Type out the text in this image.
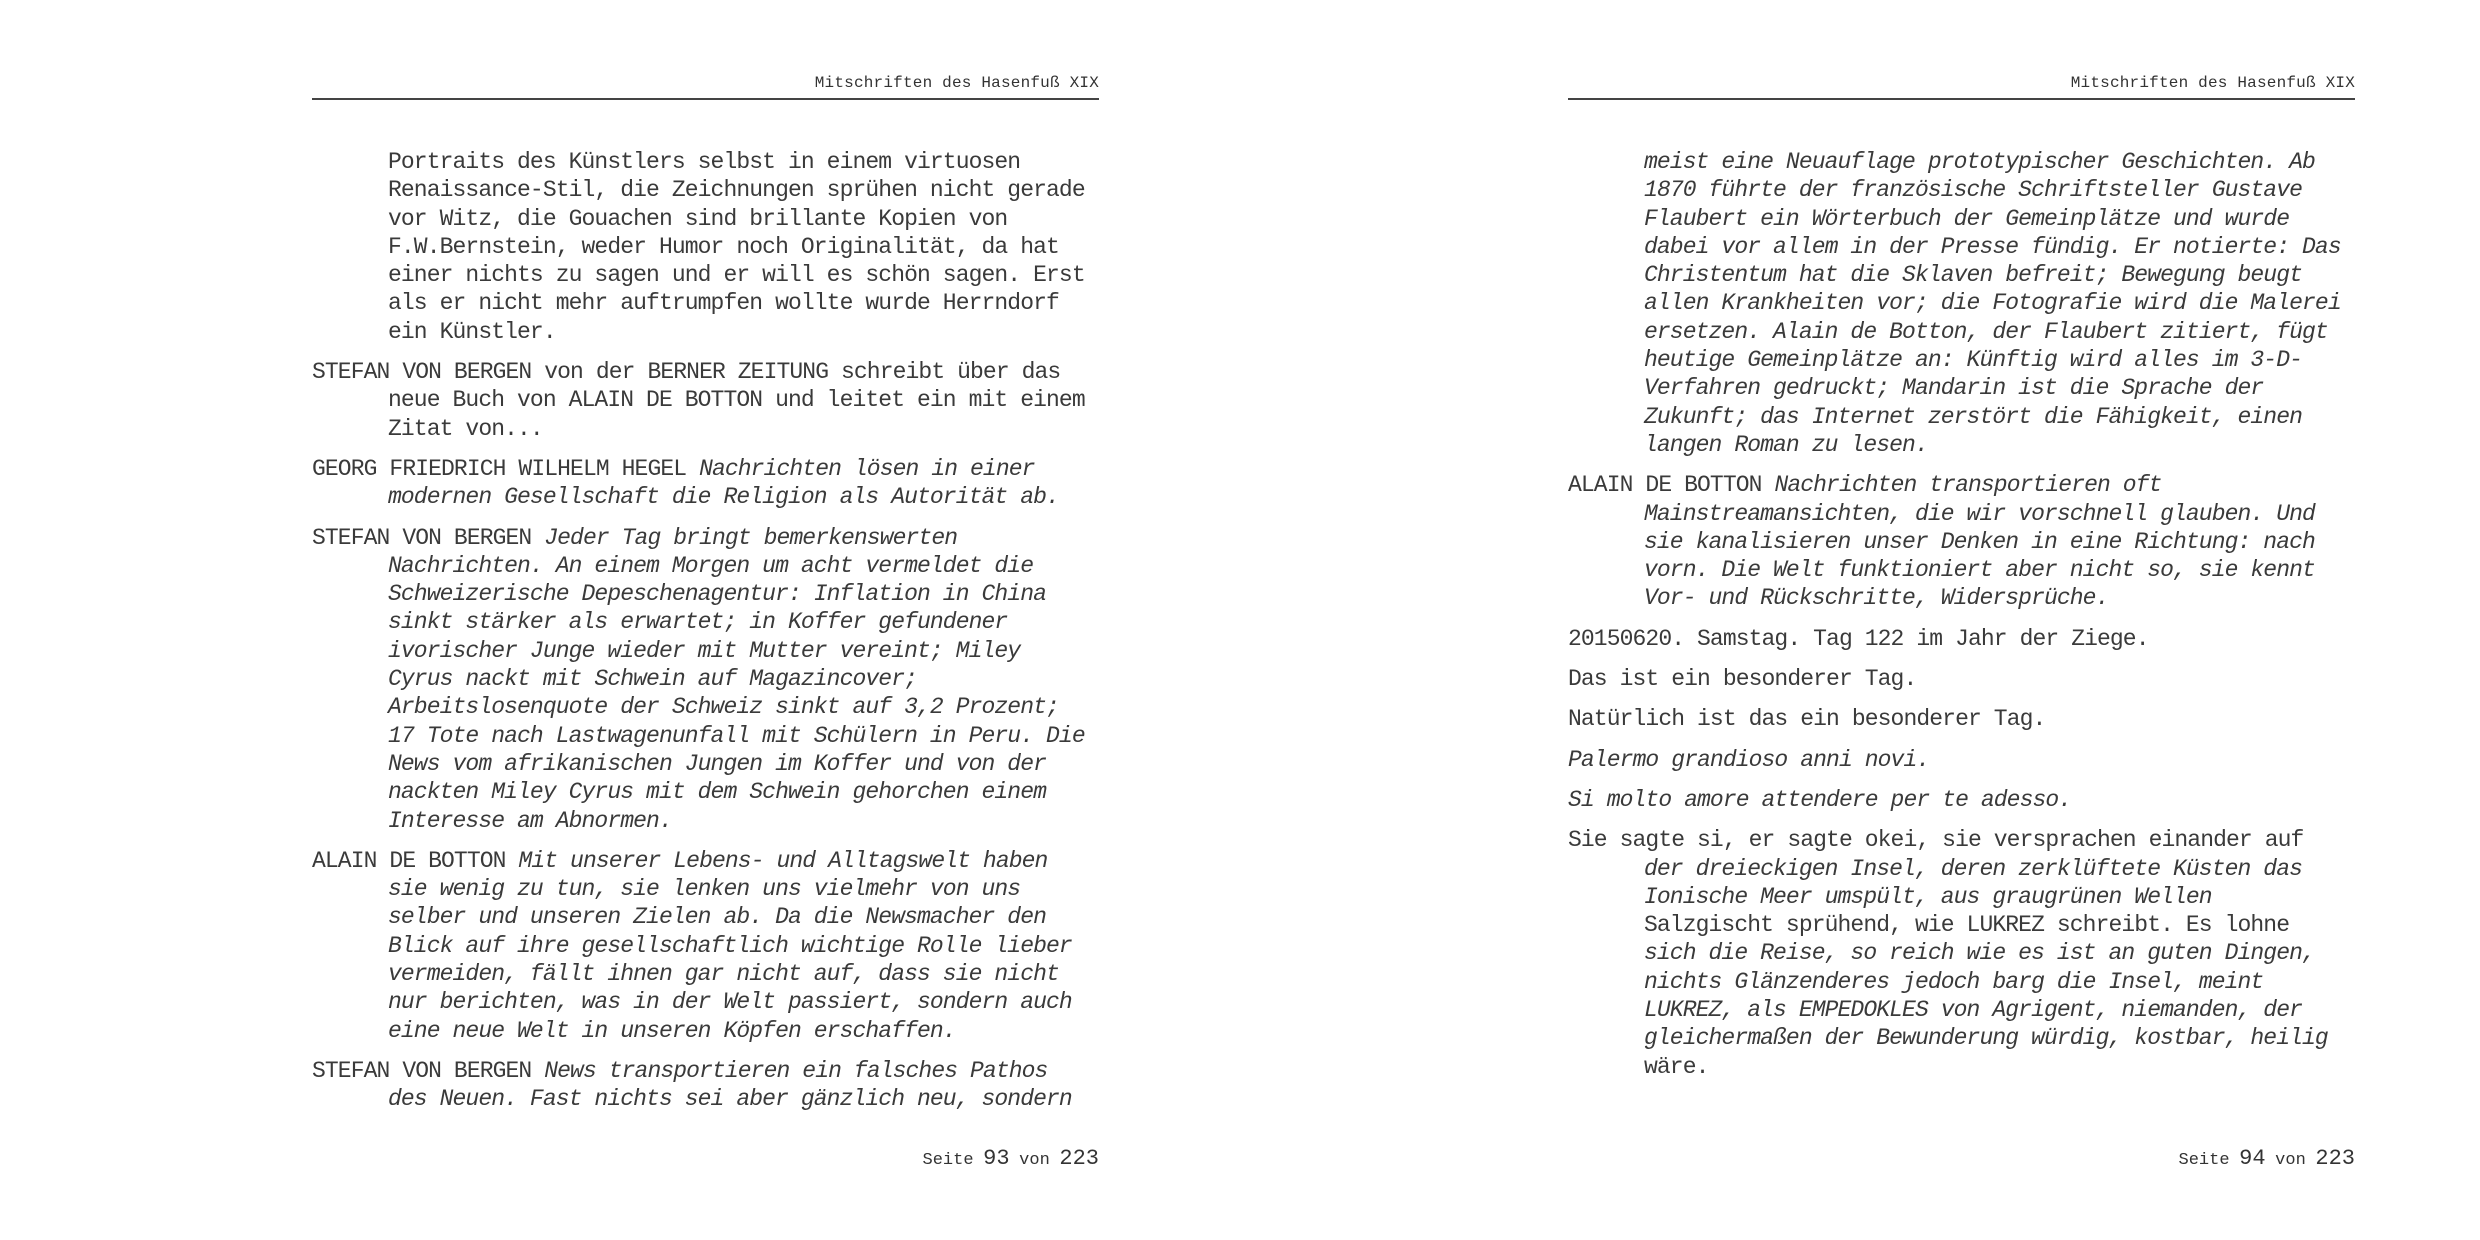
Mitschriften des Hasenfuß XIX
Portraits des Künstlers selbst in einem virtuosen
Renaissance-Stil, die Zeichnungen sprühen nicht gerade
vor Witz, die Gouachen sind brillante Kopien von
F.W.Bernstein, weder Humor noch Originalität, da hat
einer nichts zu sagen und er will es schön sagen. Erst
als er nicht mehr auftrumpfen wollte wurde Herrndorf
ein Künstler.
STEFAN VON BERGEN von der BERNER ZEITUNG schreibt über das
neue Buch von ALAIN DE BOTTON und leitet ein mit einem
Zitat von...
GEORG FRIEDRICH WILHELM HEGEL Nachrichten lösen in einer
modernen Gesellschaft die Religion als Autorität ab.
STEFAN VON BERGEN Jeder Tag bringt bemerkenswerten
Nachrichten. An einem Morgen um acht vermeldet die
Schweizerische Depeschenagentur: Inflation in China
sinkt stärker als erwartet; in Koffer gefundener
ivorischer Junge wieder mit Mutter vereint; Miley
Cyrus nackt mit Schwein auf Magazincover;
Arbeitslosenquote der Schweiz sinkt auf 3,2 Prozent;
17 Tote nach Lastwagenunfall mit Schülern in Peru. Die
News vom afrikanischen Jungen im Koffer und von der
nackten Miley Cyrus mit dem Schwein gehorchen einem
Interesse am Abnormen.
ALAIN DE BOTTON Mit unserer Lebens- und Alltagswelt haben
sie wenig zu tun, sie lenken uns vielmehr von uns
selber und unseren Zielen ab. Da die Newsmacher den
Blick auf ihre gesellschaftlich wichtige Rolle lieber
vermeiden, fällt ihnen gar nicht auf, dass sie nicht
nur berichten, was in der Welt passiert, sondern auch
eine neue Welt in unseren Köpfen erschaffen.
STEFAN VON BERGEN News transportieren ein falsches Pathos
des Neuen. Fast nichts sei aber gänzlich neu, sondern
Seite 93 von 223
Mitschriften des Hasenfuß XIX
meist eine Neuauflage prototypischer Geschichten. Ab
1870 führte der französische Schriftsteller Gustave
Flaubert ein Wörterbuch der Gemeinplätze und wurde
dabei vor allem in der Presse fündig. Er notierte: Das
Christentum hat die Sklaven befreit; Bewegung beugt
allen Krankheiten vor; die Fotografie wird die Malerei
ersetzen. Alain de Botton, der Flaubert zitiert, fügt
heutige Gemeinplätze an: Künftig wird alles im 3-D-
Verfahren gedruckt; Mandarin ist die Sprache der
Zukunft; das Internet zerstört die Fähigkeit, einen
langen Roman zu lesen.
ALAIN DE BOTTON Nachrichten transportieren oft
Mainstreamansichten, die wir vorschnell glauben. Und
sie kanalisieren unser Denken in eine Richtung: nach
vorn. Die Welt funktioniert aber nicht so, sie kennt
Vor- und Rückschritte, Widersprüche.
20150620. Samstag. Tag 122 im Jahr der Ziege.
Das ist ein besonderer Tag.
Natürlich ist das ein besonderer Tag.
Palermo grandioso anni novi.
Si molto amore attendere per te adesso.
Sie sagte si, er sagte okei, sie versprachen einander auf
der dreieckigen Insel, deren zerklüftete Küsten das
Ionische Meer umspült, aus graugrünen Wellen
Salzgischt sprühend, wie LUKREZ schreibt. Es lohne
sich die Reise, so reich wie es ist an guten Dingen,
nichts Glänzenderes jedoch barg die Insel, meint
LUKREZ, als EMPEDOKLES von Agrigent, niemanden, der
gleichermaßen der Bewunderung würdig, kostbar, heilig
wäre.
Seite 94 von 223
